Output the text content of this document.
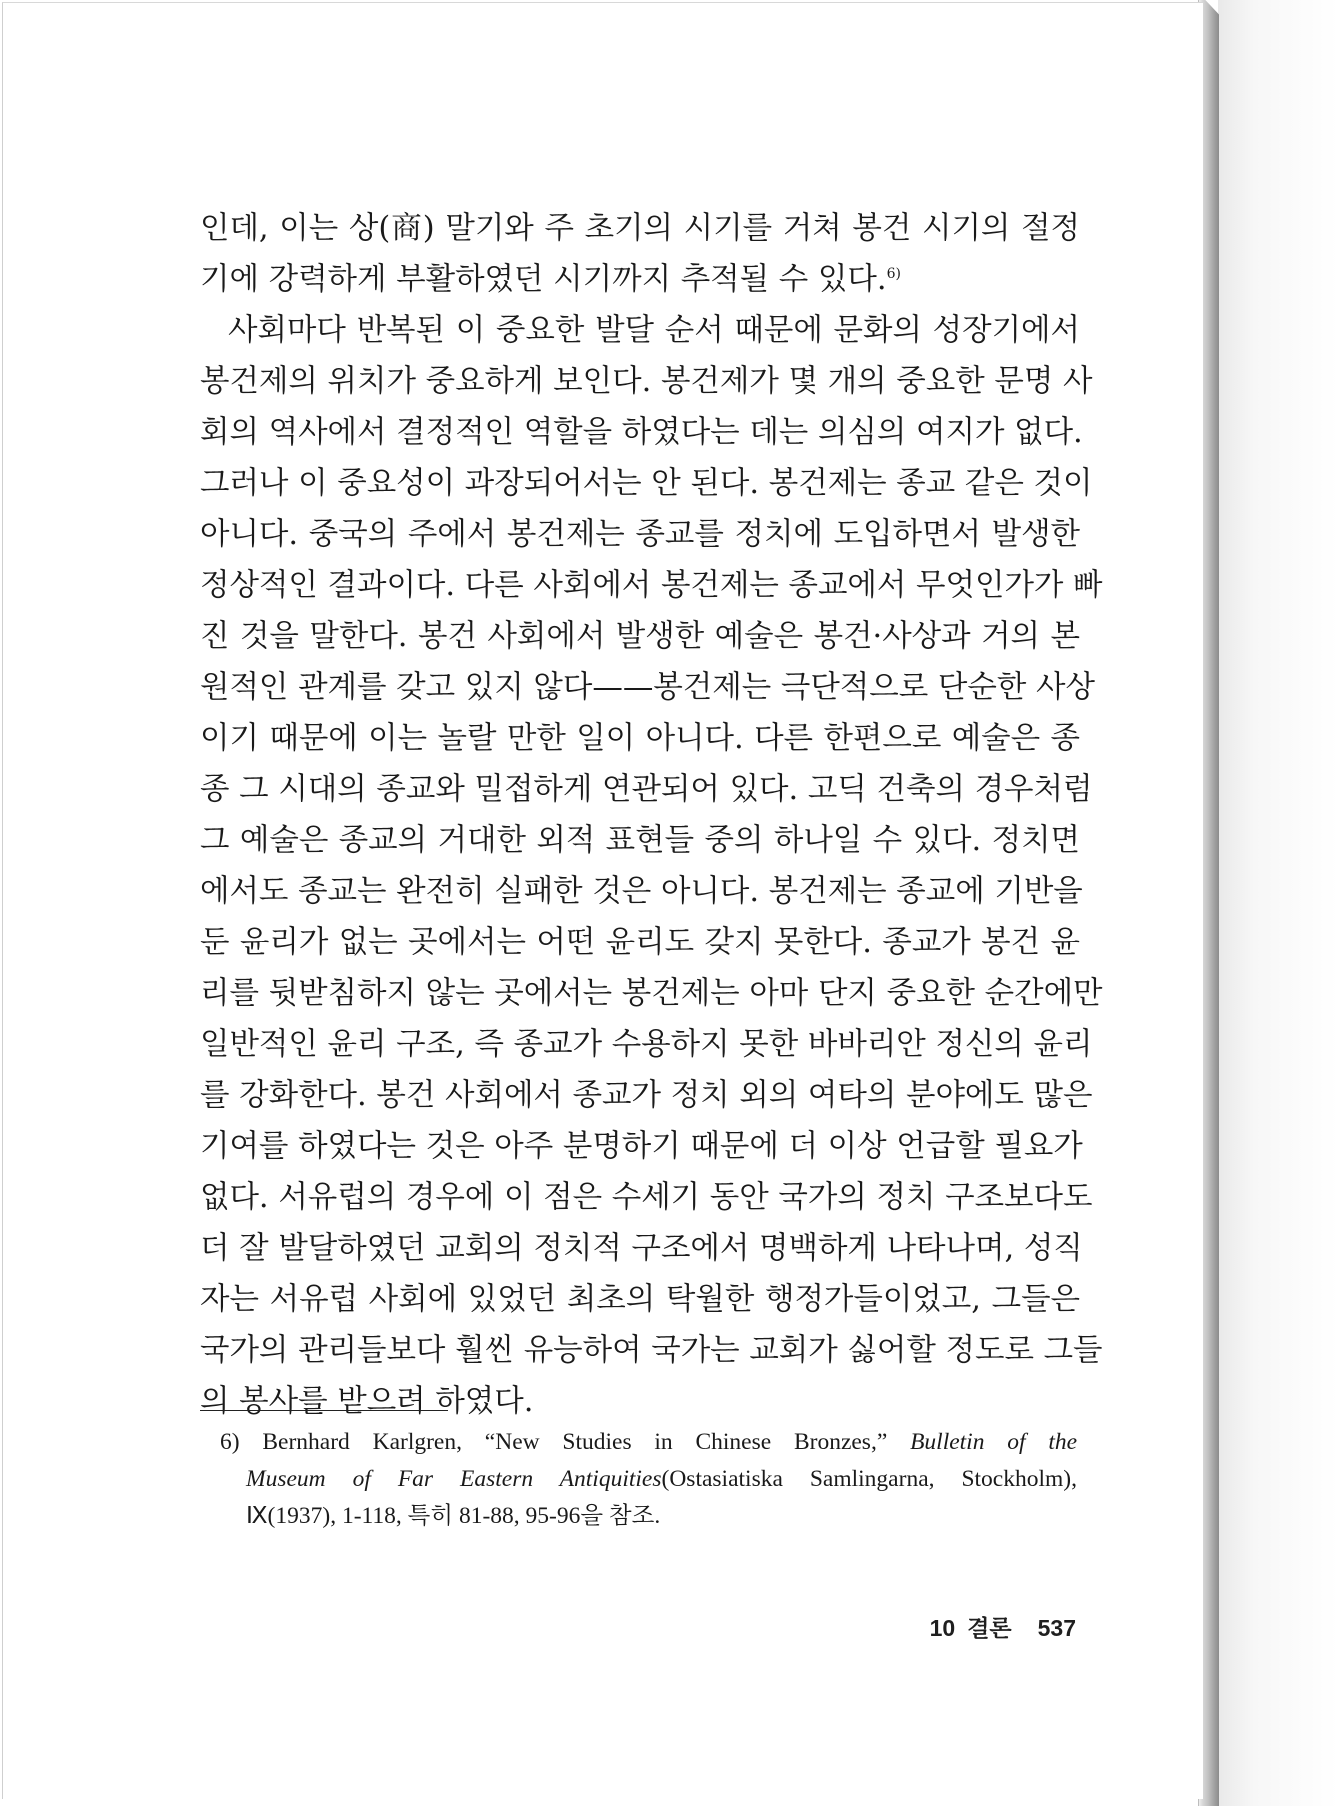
인데, 이는 상(商) 말기와 주 초기의 시기를 거쳐 봉건 시기의 절정
기에 강력하게 부활하였던 시기까지 추적될 수 있다.$^{6)}$
사회마다 반복된 이 중요한 발달 순서 때문에 문화의 성장기에서
봉건제의 위치가 중요하게 보인다. 봉건제가 몇 개의 중요한 문명 사
회의 역사에서 결정적인 역할을 하였다는 데는 의심의 여지가 없다.
그러나 이 중요성이 과장되어서는 안 된다. 봉건제는 종교 같은 것이
아니다. 중국의 주에서 봉건제는 종교를 정치에 도입하면서 발생한
정상적인 결과이다. 다른 사회에서 봉건제는 종교에서 무엇인가가 빠
진 것을 말한다. 봉건 사회에서 발생한 예술은 봉건·사상과 거의 본
원적인 관계를 갖고 있지 않다——봉건제는 극단적으로 단순한 사상
이기 때문에 이는 놀랄 만한 일이 아니다. 다른 한편으로 예술은 종
종 그 시대의 종교와 밀접하게 연관되어 있다. 고딕 건축의 경우처럼
그 예술은 종교의 거대한 외적 표현들 중의 하나일 수 있다. 정치면
에서도 종교는 완전히 실패한 것은 아니다. 봉건제는 종교에 기반을
둔 윤리가 없는 곳에서는 어떤 윤리도 갖지 못한다. 종교가 봉건 윤
리를 뒷받침하지 않는 곳에서는 봉건제는 아마 단지 중요한 순간에만
일반적인 윤리 구조, 즉 종교가 수용하지 못한 바바리안 정신의 윤리
를 강화한다. 봉건 사회에서 종교가 정치 외의 여타의 분야에도 많은
기여를 하였다는 것은 아주 분명하기 때문에 더 이상 언급할 필요가
없다. 서유럽의 경우에 이 점은 수세기 동안 국가의 정치 구조보다도
더 잘 발달하였던 교회의 정치적 구조에서 명백하게 나타나며, 성직
자는 서유럽 사회에 있었던 최초의 탁월한 행정가들이었고, 그들은
국가의 관리들보다 훨씬 유능하여 국가는 교회가 싫어할 정도로 그들
의 봉사를 받으려 하였다.
6) Bernhard Karlgren, “New Studies in Chinese Bronzes,” Bulletin of the
Museum of Far Eastern Antiquities(Ostasiatiska Samlingarna, Stockholm),
Ⅸ(1937), 1-118, 특히 81-88, 95-96을 참조.
10 결론 537
